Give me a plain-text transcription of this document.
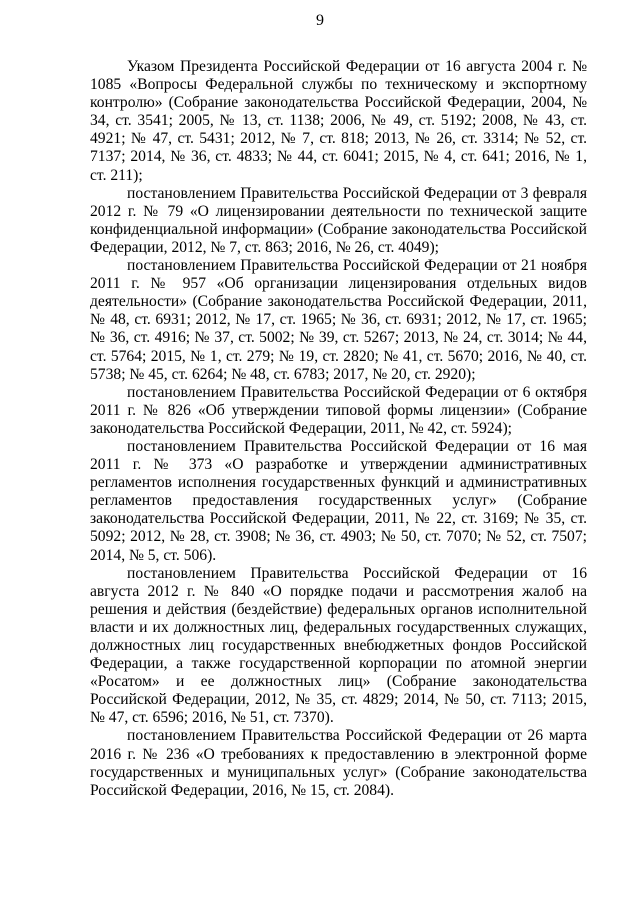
9

Указом Президента Российской Федерации от 16 августа 2004 г. № 1085 «Вопросы Федеральной службы по техническому и экспортному контролю» (Собрание законодательства Российской Федерации, 2004, № 34, ст. 3541; 2005, № 13, ст. 1138; 2006, № 49, ст. 5192; 2008, № 43, ст. 4921; № 47, ст. 5431; 2012, № 7, ст. 818; 2013, № 26, ст. 3314; № 52, ст. 7137; 2014, № 36, ст. 4833; № 44, ст. 6041; 2015, № 4, ст. 641; 2016, № 1, ст. 211);

постановлением Правительства Российской Федерации от 3 февраля 2012 г. № 79 «О лицензировании деятельности по технической защите конфиденциальной информации» (Собрание законодательства Российской Федерации, 2012, № 7, ст. 863; 2016, № 26, ст. 4049);

постановлением Правительства Российской Федерации от 21 ноября 2011 г. № 957 «Об организации лицензирования отдельных видов деятельности» (Собрание законодательства Российской Федерации, 2011, № 48, ст. 6931; 2012, № 17, ст. 1965; № 36, ст. 6931; 2012, № 17, ст. 1965; № 36, ст. 4916; № 37, ст. 5002; № 39, ст. 5267; 2013, № 24, ст. 3014; № 44, ст. 5764; 2015, № 1, ст. 279; № 19, ст. 2820; № 41, ст. 5670; 2016, № 40, ст. 5738; № 45, ст. 6264; № 48, ст. 6783; 2017, № 20, ст. 2920);

постановлением Правительства Российской Федерации от 6 октября 2011 г. № 826 «Об утверждении типовой формы лицензии» (Собрание законодательства Российской Федерации, 2011, № 42, ст. 5924);

постановлением Правительства Российской Федерации от 16 мая 2011 г. № 373 «О разработке и утверждении административных регламентов исполнения государственных функций и административных регламентов предоставления государственных услуг» (Собрание законодательства Российской Федерации, 2011, № 22, ст. 3169; № 35, ст. 5092; 2012, № 28, ст. 3908; № 36, ст. 4903; № 50, ст. 7070; № 52, ст. 7507; 2014, № 5, ст. 506).

постановлением Правительства Российской Федерации от 16 августа 2012 г. № 840 «О порядке подачи и рассмотрения жалоб на решения и действия (бездействие) федеральных органов исполнительной власти и их должностных лиц, федеральных государственных служащих, должностных лиц государственных внебюджетных фондов Российской Федерации, а также государственной корпорации по атомной энергии «Росатом» и ее должностных лиц» (Собрание законодательства Российской Федерации, 2012, № 35, ст. 4829; 2014, № 50, ст. 7113; 2015, № 47, ст. 6596; 2016, № 51, ст. 7370).

постановлением Правительства Российской Федерации от 26 марта 2016 г. № 236 «О требованиях к предоставлению в электронной форме государственных и муниципальных услуг» (Собрание законодательства Российской Федерации, 2016, № 15, ст. 2084).
